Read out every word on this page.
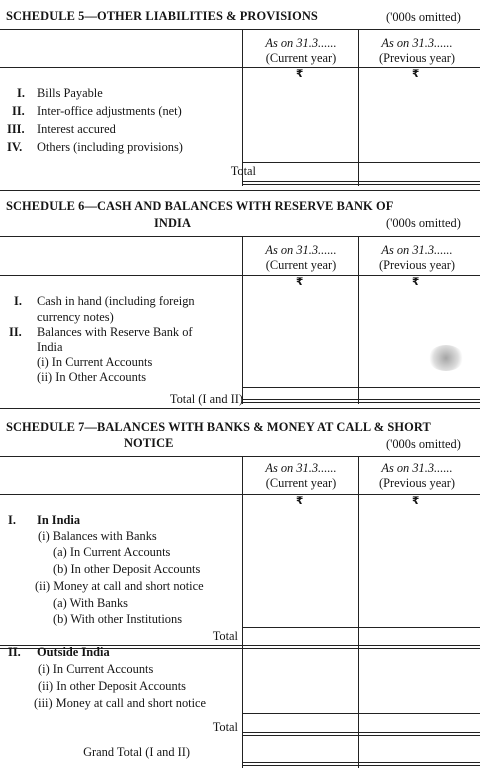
SCHEDULE 5—OTHER LIABILITIES & PROVISIONS	('000s omitted)
As on 31.3......
(Current year)
As on 31.3......
(Previous year)
₹	₹
I. Bills Payable
II. Inter-office adjustments (net)
III. Interest accured
IV. Others (including provisions)
Total
SCHEDULE 6—CASH AND BALANCES WITH RESERVE BANK OF
INDIA	('000s omitted)
As on 31.3......
(Current year)
As on 31.3......
(Previous year)
₹	₹
I. Cash in hand (including foreign
currency notes)
II. Balances with Reserve Bank of
India
(i) In Current Accounts
(ii) In Other Accounts
Total (I and II)
SCHEDULE 7—BALANCES WITH BANKS & MONEY AT CALL & SHORT
NOTICE	('000s omitted)
As on 31.3......
(Current year)
As on 31.3......
(Previous year)
₹	₹
I. In India
(i) Balances with Banks
(a) In Current Accounts
(b) In other Deposit Accounts
(ii) Money at call and short notice
(a) With Banks
(b) With other Institutions
Total
II. Outside India
(i) In Current Accounts
(ii) In other Deposit Accounts
(iii) Money at call and short notice
Total
Grand Total (I and II)
